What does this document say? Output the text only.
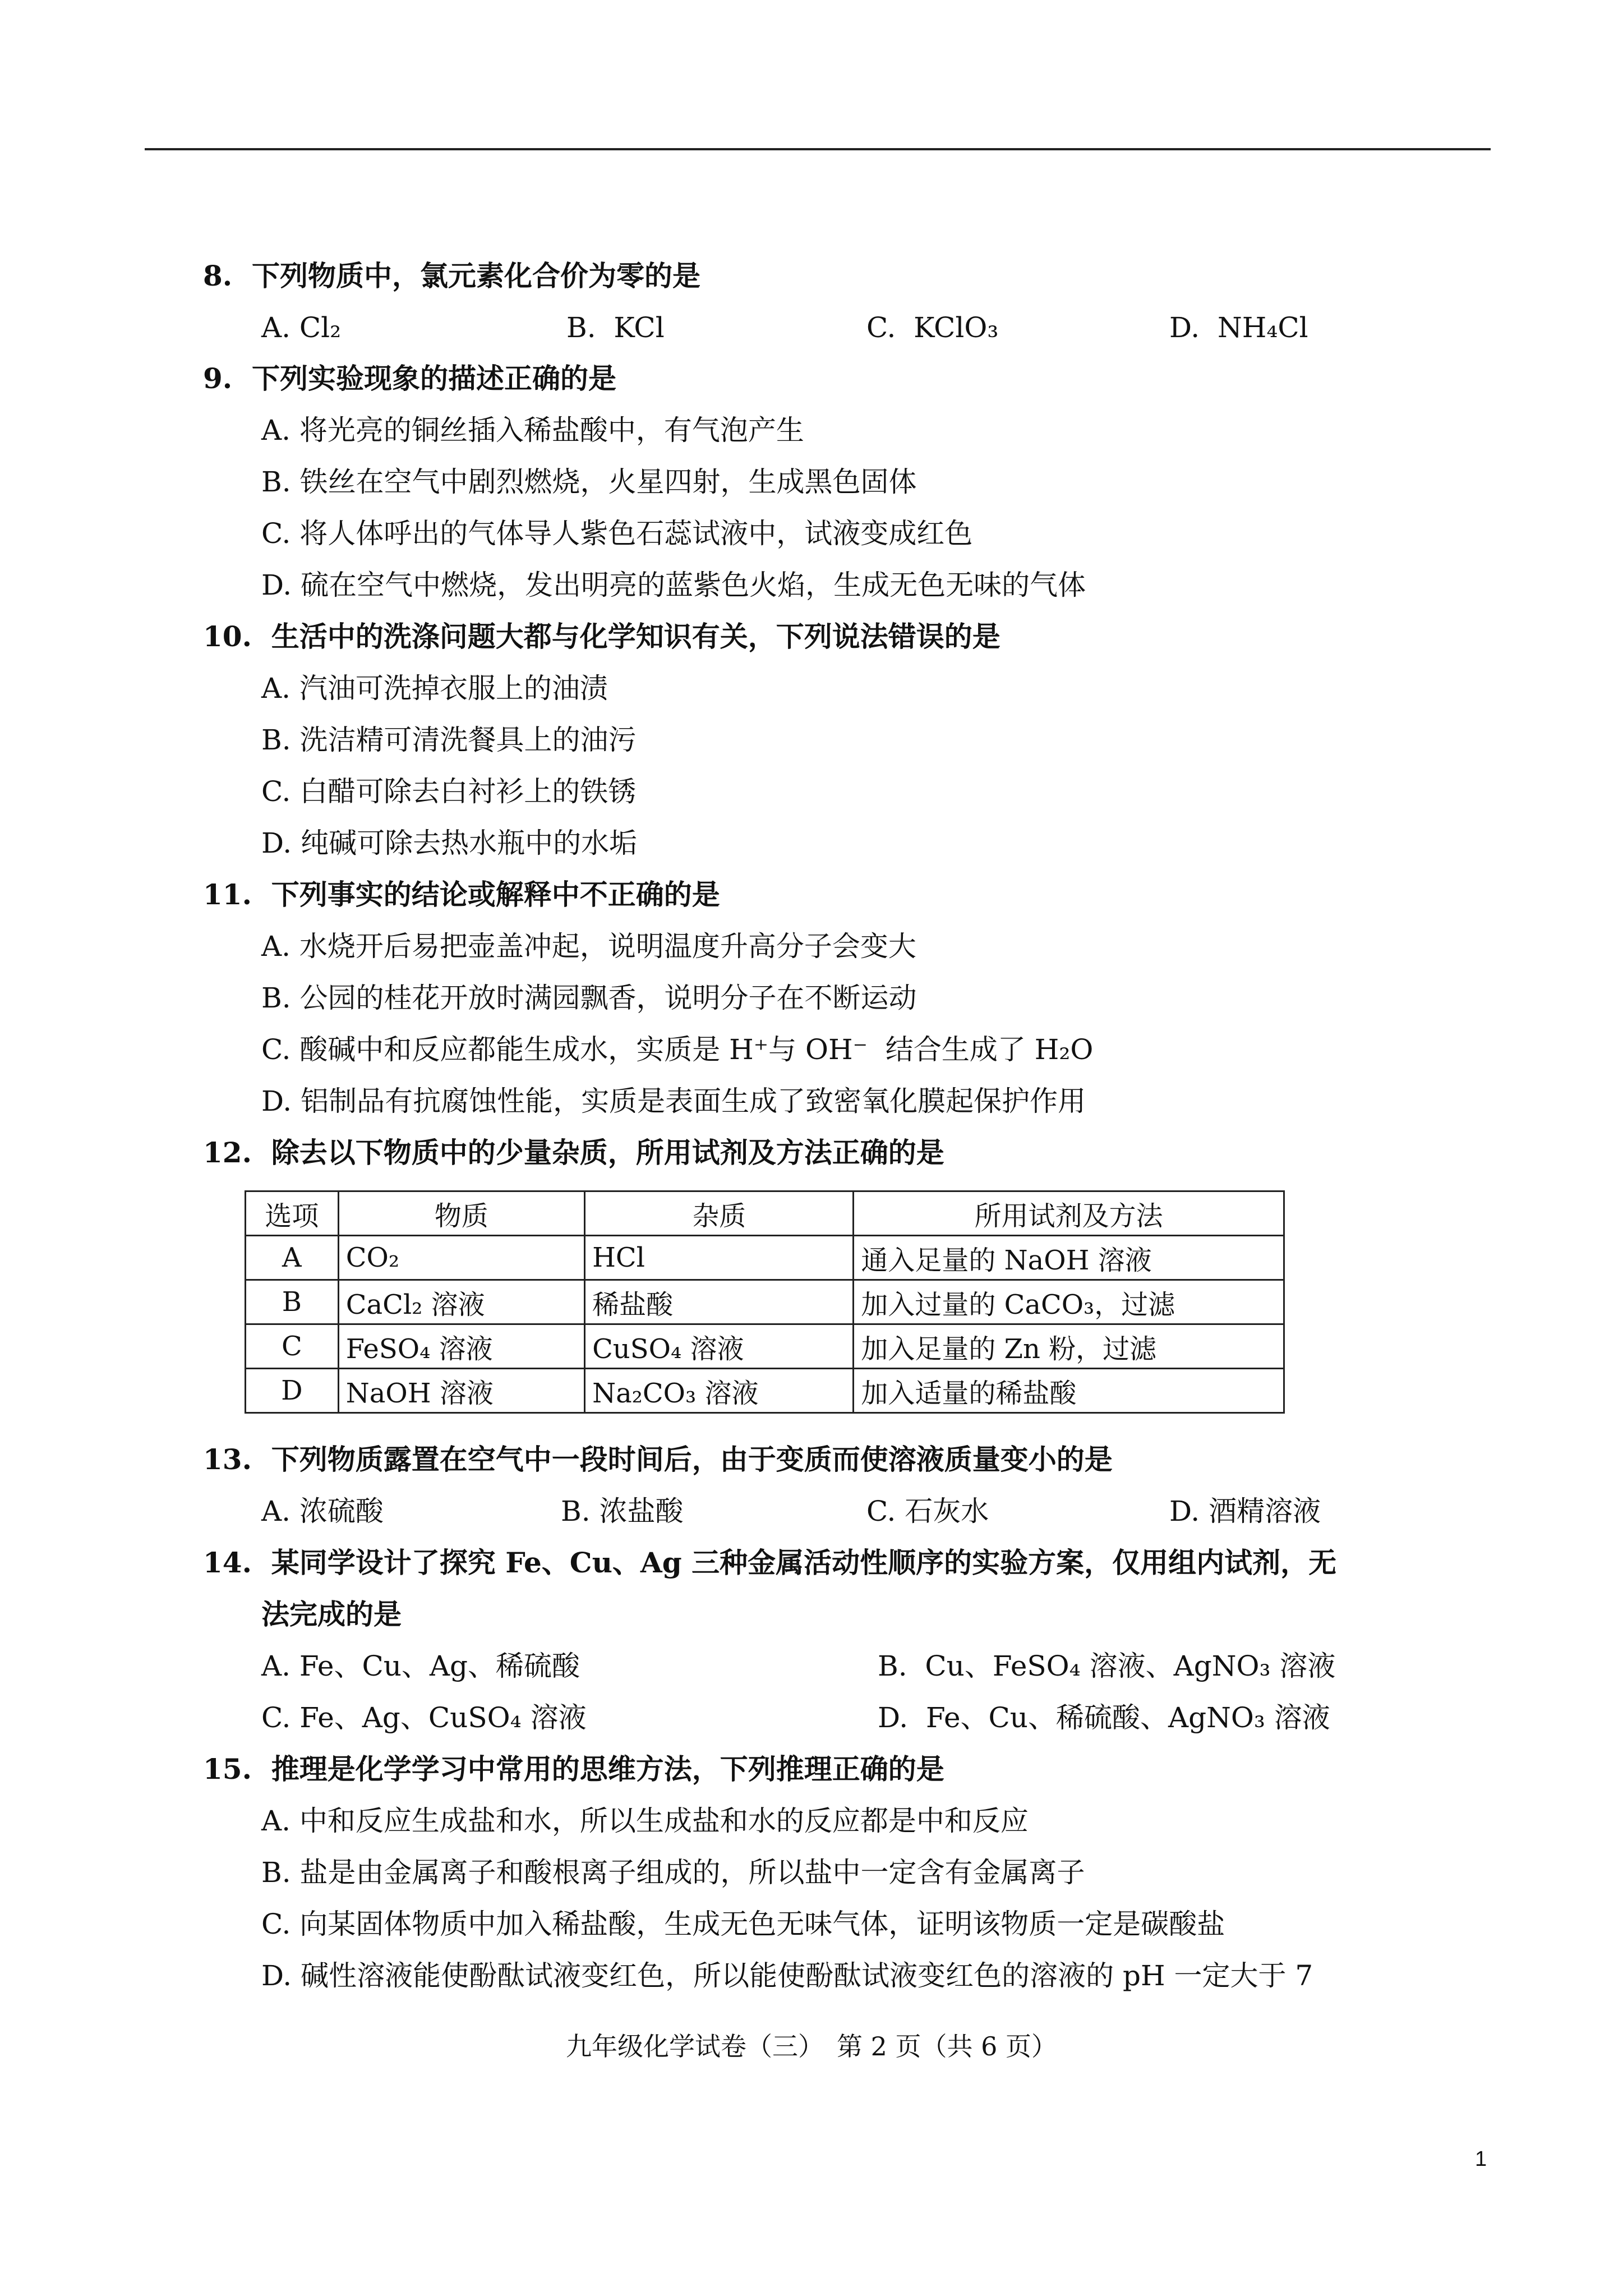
8.  下列物质中，氯元素化合价为零的是
A. Cl₂	B.  KCl	C.  KClO₃	D.  NH₄Cl
9.  下列实验现象的描述正确的是
A. 将光亮的铜丝插入稀盐酸中，有气泡产生
B. 铁丝在空气中剧烈燃烧，火星四射，生成黑色固体
C. 将人体呼出的气体导人紫色石蕊试液中，试液变成红色
D. 硫在空气中燃烧，发出明亮的蓝紫色火焰，生成无色无味的气体
10.  生活中的洗涤问题大都与化学知识有关，下列说法错误的是
A. 汽油可洗掉衣服上的油渍
B. 洗洁精可清洗餐具上的油污
C. 白醋可除去白衬衫上的铁锈
D. 纯碱可除去热水瓶中的水垢
11.  下列事实的结论或解释中不正确的是
A. 水烧开后易把壶盖冲起，说明温度升高分子会变大
B. 公园的桂花开放时满园飘香，说明分子在不断运动
C. 酸碱中和反应都能生成水，实质是 H⁺与 OH⁻  结合生成了 H₂O
D. 铝制品有抗腐蚀性能，实质是表面生成了致密氧化膜起保护作用
12.  除去以下物质中的少量杂质，所用试剂及方法正确的是
选项	物质	杂质	所用试剂及方法
A	CO₂	HCl	通入足量的 NaOH 溶液
B	CaCl₂ 溶液	稀盐酸	加入过量的 CaCO₃，过滤
C	FeSO₄ 溶液	CuSO₄ 溶液	加入足量的 Zn 粉，过滤
D	NaOH 溶液	Na₂CO₃ 溶液	加入适量的稀盐酸
13.  下列物质露置在空气中一段时间后，由于变质而使溶液质量变小的是
A. 浓硫酸	B. 浓盐酸	C. 石灰水	D. 酒精溶液
14.  某同学设计了探究 Fe、Cu、Ag 三种金属活动性顺序的实验方案，仅用组内试剂，无
法完成的是
A. Fe、Cu、Ag、稀硫酸	B.  Cu、FeSO₄ 溶液、AgNO₃ 溶液
C. Fe、Ag、CuSO₄ 溶液	D.  Fe、Cu、稀硫酸、AgNO₃ 溶液
15.  推理是化学学习中常用的思维方法，下列推理正确的是
A. 中和反应生成盐和水，所以生成盐和水的反应都是中和反应
B. 盐是由金属离子和酸根离子组成的，所以盐中一定含有金属离子
C. 向某固体物质中加入稀盐酸，生成无色无味气体，证明该物质一定是碳酸盐
D. 碱性溶液能使酚酞试液变红色，所以能使酚酞试液变红色的溶液的 pH 一定大于 7
九年级化学试卷（三）　第 2 页（共 6 页）
1
